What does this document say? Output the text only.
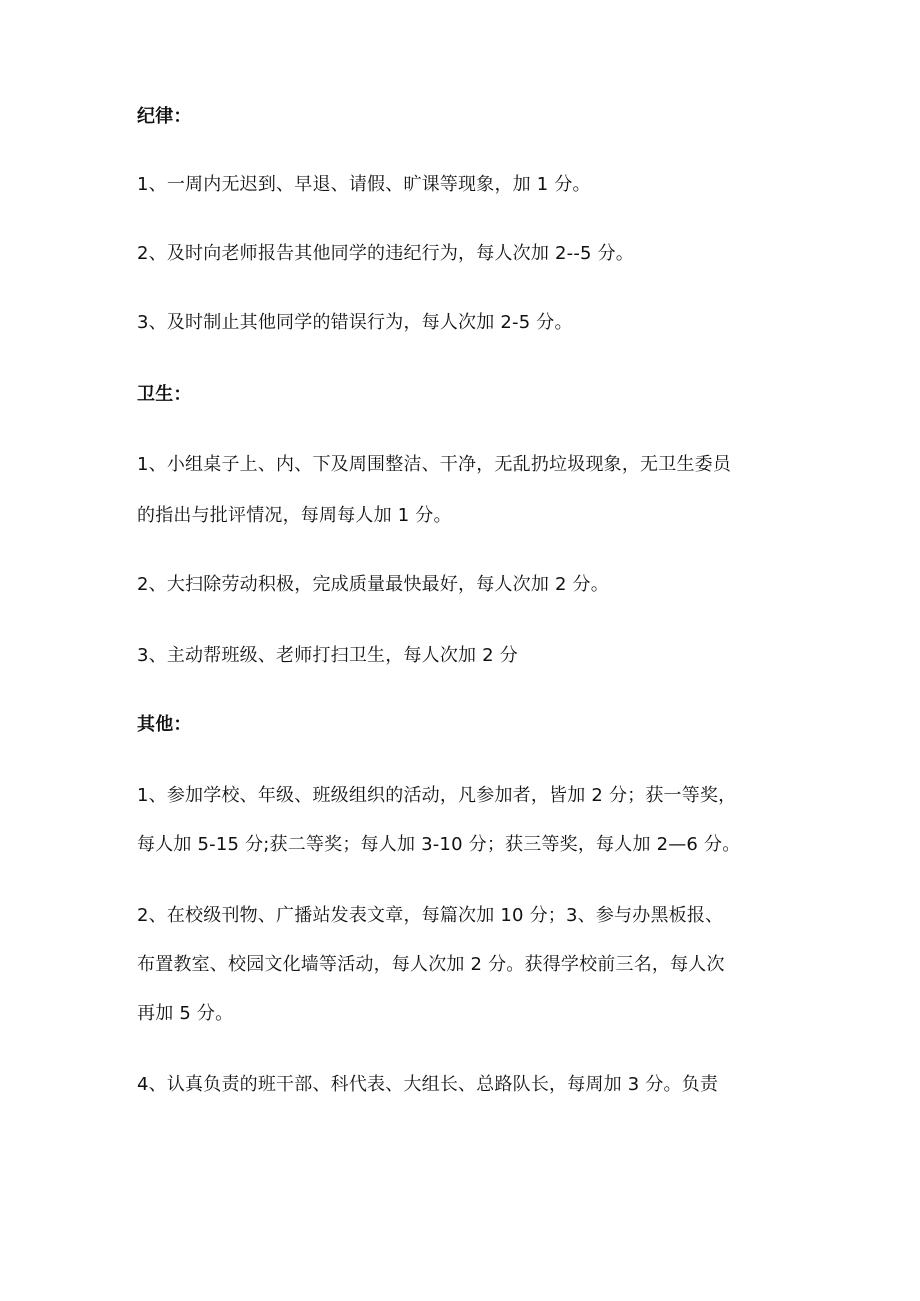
纪律：
1、一周内无迟到、早退、请假、旷课等现象，加 1 分。
2、及时向老师报告其他同学的违纪行为，每人次加 2--5 分。
3、及时制止其他同学的错误行为，每人次加 2-5 分。
卫生：
1、小组桌子上、内、下及周围整洁、干净，无乱扔垃圾现象，无卫生委员
的指出与批评情况，每周每人加 1 分。
2、大扫除劳动积极，完成质量最快最好，每人次加 2 分。
3、主动帮班级、老师打扫卫生，每人次加 2 分
其他：
1、参加学校、年级、班级组织的活动，凡参加者，皆加 2 分；获一等奖，
每人加 5-15 分;获二等奖；每人加 3-10 分；获三等奖，每人加 2—6 分。
2、在校级刊物、广播站发表文章，每篇次加 10 分；3、参与办黑板报、
布置教室、校园文化墙等活动，每人次加 2 分。获得学校前三名，每人次
再加 5 分。
4、认真负责的班干部、科代表、大组长、总路队长，每周加 3 分。负责
